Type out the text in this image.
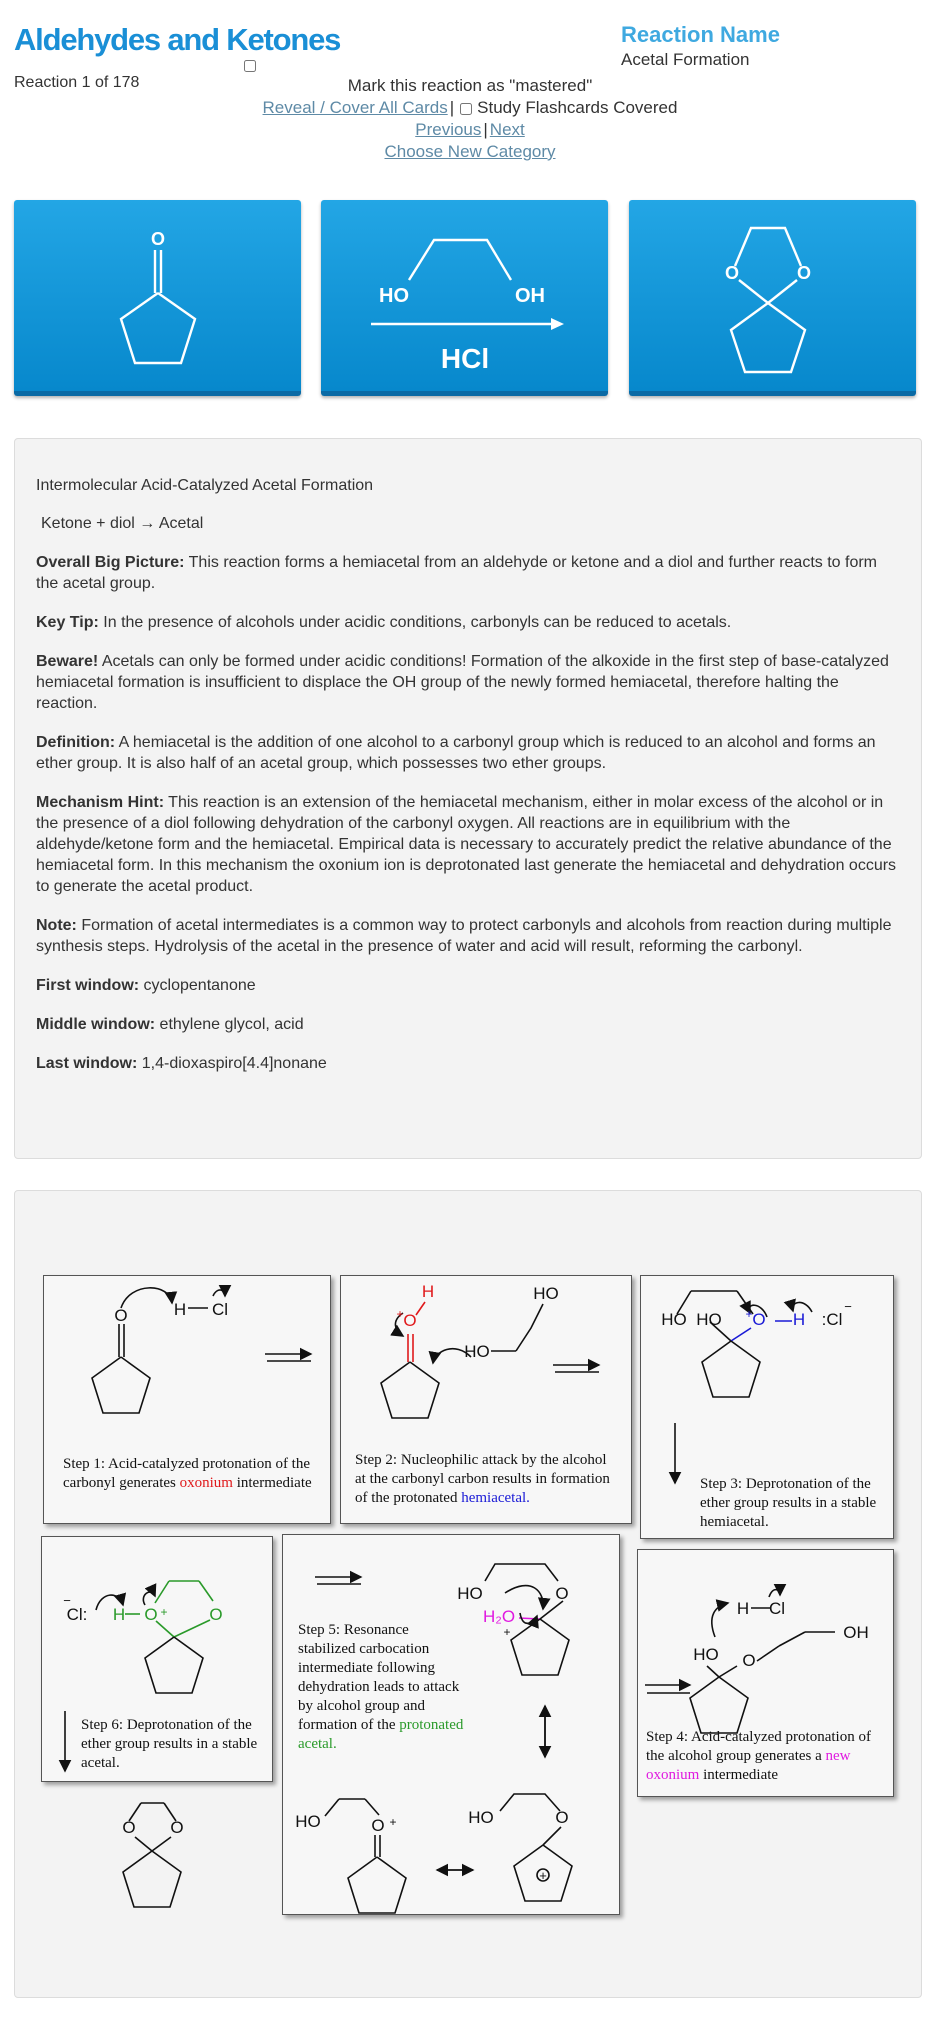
Aldehydes and Ketones
Reaction 1 of 178
Reaction Name
Acetal Formation
Mark this reaction as "mastered"
Reveal / Cover All Cards | Study Flashcards Covered
Previous | Next
Choose New Category
O
HO	OH
HCl
O	O

Intermolecular Acid-Catalyzed Acetal Formation

Ketone + diol → Acetal

Overall Big Picture: This reaction forms a hemiacetal from an aldehyde or ketone and a diol and further reacts to form the acetal group.

Key Tip: In the presence of alcohols under acidic conditions, carbonyls can be reduced to acetals.

Beware! Acetals can only be formed under acidic conditions! Formation of the alkoxide in the first step of base-catalyzed hemiacetal formation is insufficient to displace the OH group of the newly formed hemiacetal, therefore halting the reaction.

Definition: A hemiacetal is the addition of one alcohol to a carbonyl group which is reduced to an alcohol and forms an ether group. It is also half of an acetal group, which possesses two ether groups.

Mechanism Hint: This reaction is an extension of the hemiacetal mechanism, either in molar excess of the alcohol or in the presence of a diol following dehydration of the carbonyl oxygen. All reactions are in equilibrium with the aldehyde/ketone form and the hemiacetal. Empirical data is necessary to accurately predict the relative abundance of the hemiacetal form. In this mechanism the oxonium ion is deprotonated last generate the hemiacetal and dehydration occurs to generate the acetal product.

Note: Formation of acetal intermediates is a common way to protect carbonyls and alcohols from reaction during multiple synthesis steps. Hydrolysis of the acetal in the presence of water and acid will result, reforming the carbonyl.

First window: cyclopentanone

Middle window: ethylene glycol, acid

Last window: 1,4-dioxaspiro[4.4]nonane

Step 1: Acid-catalyzed protonation of the carbonyl generates oxonium intermediate
Step 2: Nucleophilic attack by the alcohol at the carbonyl carbon results in formation of the protonated hemiacetal.
Step 3: Deprotonation of the ether group results in a stable hemiacetal.
Step 4: Acid-catalyzed protonation of the alcohol group generates a new oxonium intermediate
Step 5: Resonance stabilized carbocation intermediate following dehydration leads to attack by alcohol group and formation of the protonated acetal.
Step 6: Deprotonation of the ether group results in a stable acetal.
O	H Cl
O
+
H	HO
HO
HO HO O
+ H :Cl
−
H Cl
HO O
OH
Cl:
−
H O + O
O O
HO	O
H₂O
+
HO	O +	HO	O
+
